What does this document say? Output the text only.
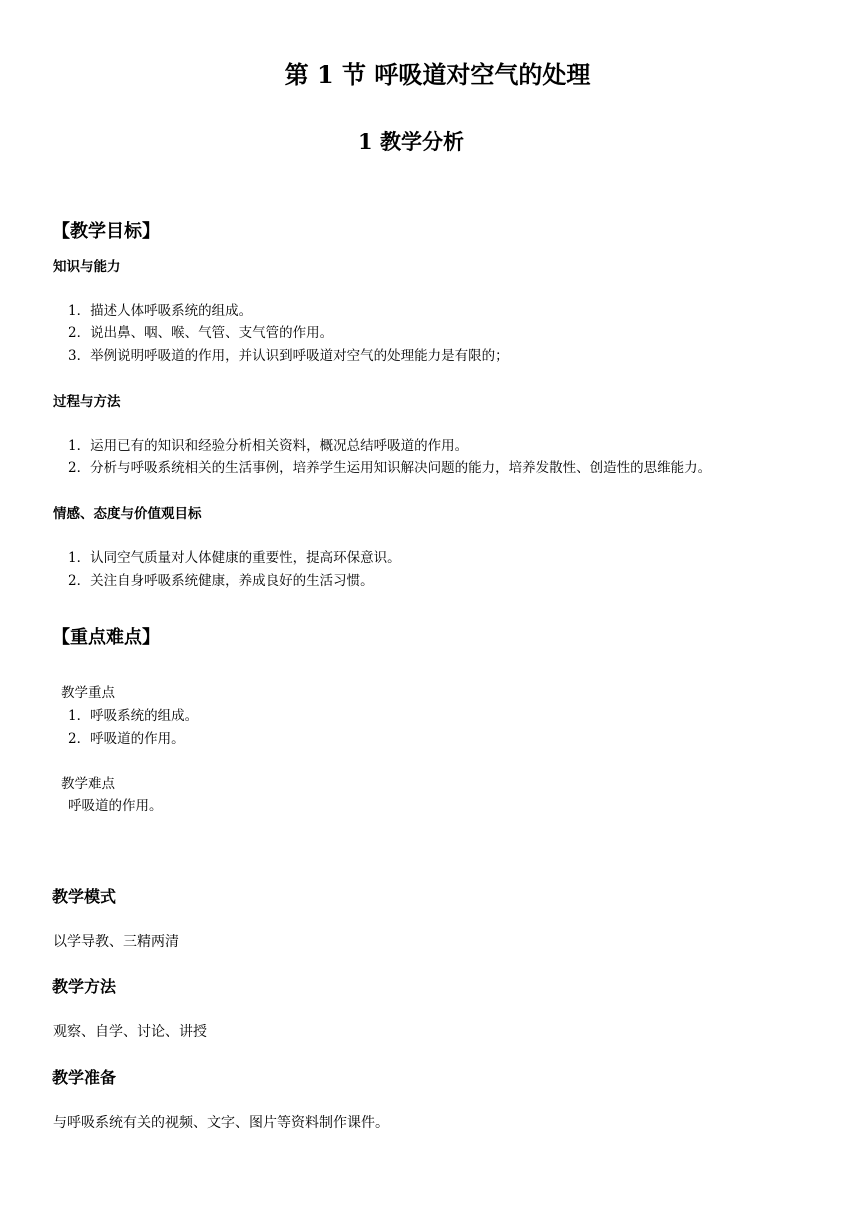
第 1 节 呼吸道对空气的处理
1 教学分析
【教学目标】
知识与能力
1．描述人体呼吸系统的组成。
2．说出鼻、咽、喉、气管、支气管的作用。
3．举例说明呼吸道的作用，并认识到呼吸道对空气的处理能力是有限的；
过程与方法
1．运用已有的知识和经验分析相关资料，概况总结呼吸道的作用。
2．分析与呼吸系统相关的生活事例，培养学生运用知识解决问题的能力，培养发散性、创造性的思维能力。
情感、态度与价值观目标
1．认同空气质量对人体健康的重要性，提高环保意识。
2．关注自身呼吸系统健康，养成良好的生活习惯。
【重点难点】
教学重点
1．呼吸系统的组成。
2．呼吸道的作用。
教学难点
呼吸道的作用。
教学模式
以学导教、三精两清
教学方法
观察、自学、讨论、讲授
教学准备
与呼吸系统有关的视频、文字、图片等资料制作课件。
